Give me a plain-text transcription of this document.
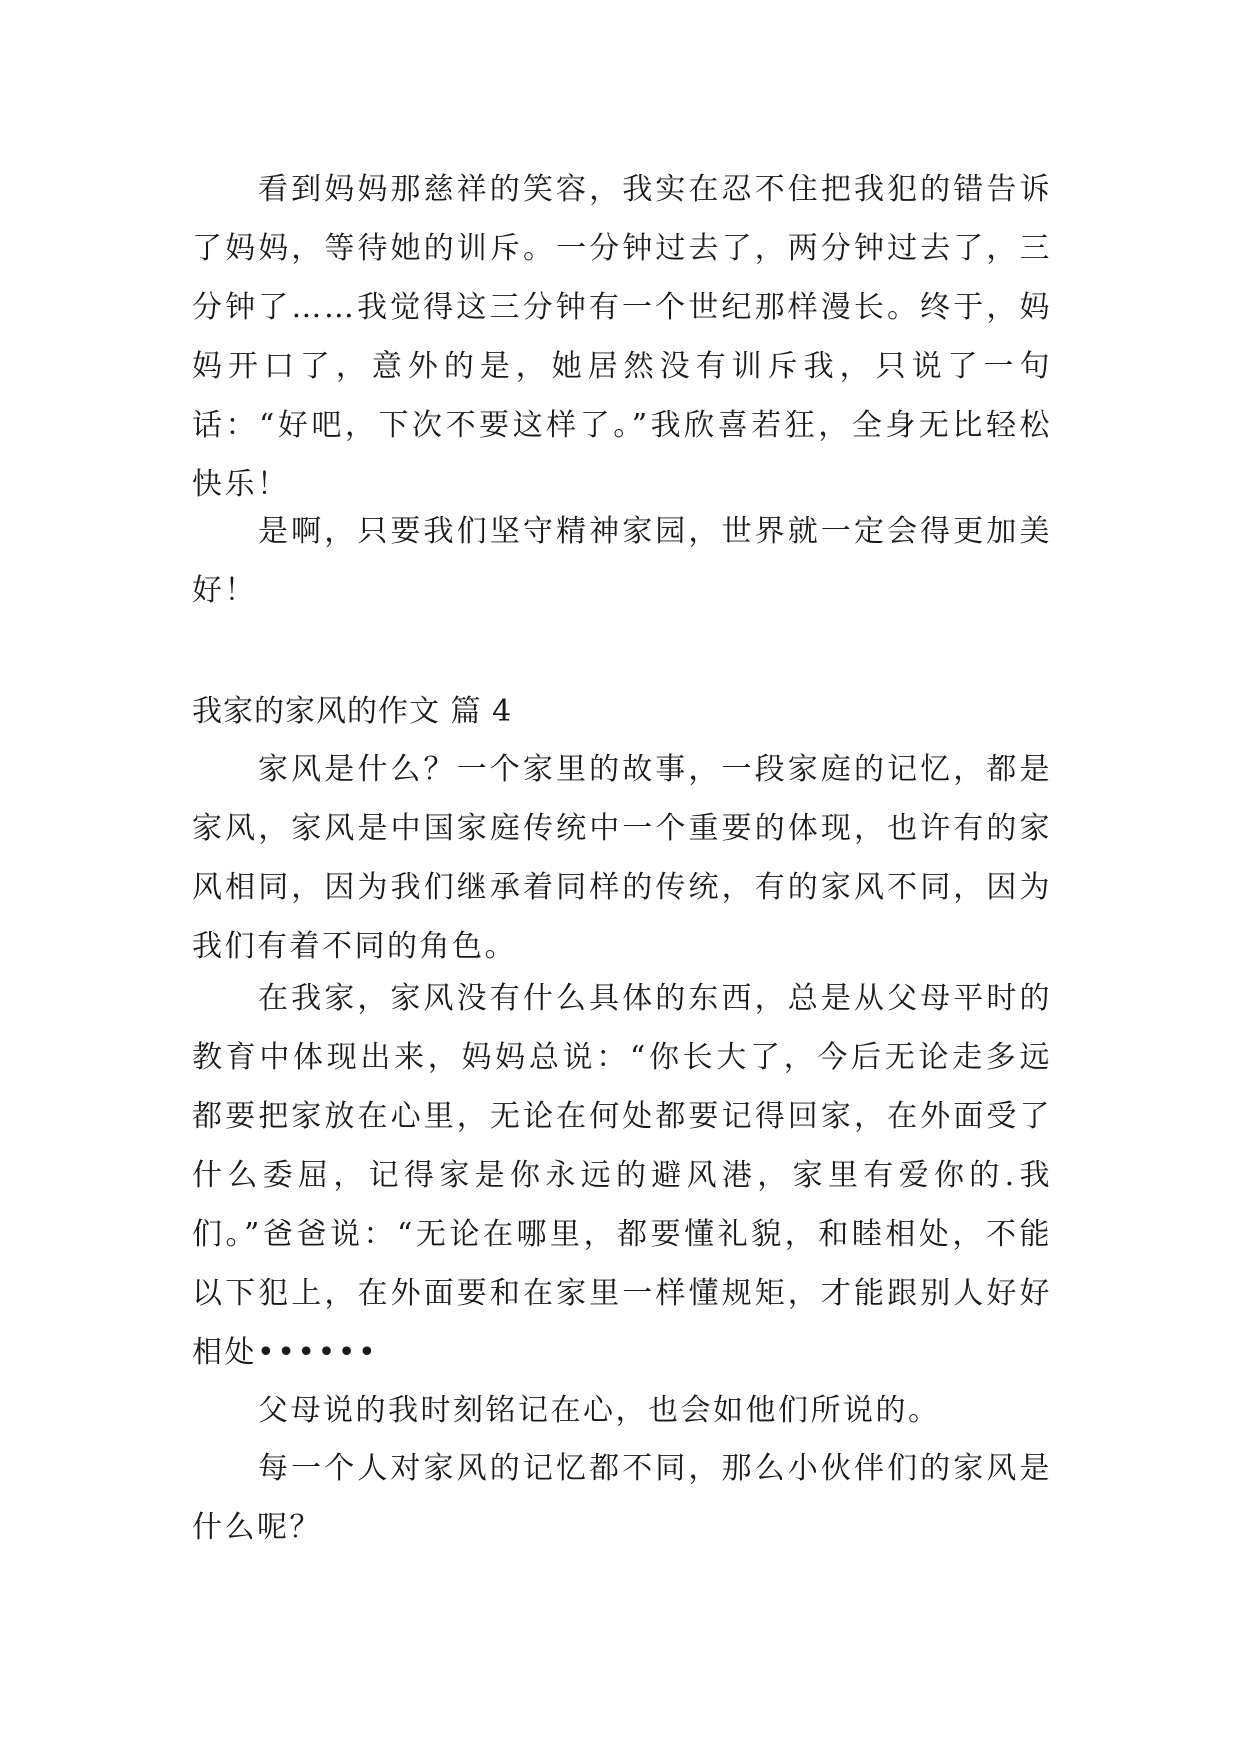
看到妈妈那慈祥的笑容，我实在忍不住把我犯的错告诉了妈妈，等待她的训斥。一分钟过去了，两分钟过去了，三分钟了……我觉得这三分钟有一个世纪那样漫长。终于，妈妈开口了，意外的是，她居然没有训斥我，只说了一句话：“好吧，下次不要这样了。”我欣喜若狂，全身无比轻松快乐！

是啊，只要我们坚守精神家园，世界就一定会得更加美好！

我家的家风的作文 篇 4

家风是什么？一个家里的故事，一段家庭的记忆，都是家风，家风是中国家庭传统中一个重要的体现，也许有的家风相同，因为我们继承着同样的传统，有的家风不同，因为我们有着不同的角色。

在我家，家风没有什么具体的东西，总是从父母平时的教育中体现出来，妈妈总说：“你长大了，今后无论走多远都要把家放在心里，无论在何处都要记得回家，在外面受了什么委屈，记得家是你永远的避风港，家里有爱你的.我们。”爸爸说：“无论在哪里，都要懂礼貌，和睦相处，不能以下犯上，在外面要和在家里一样懂规矩，才能跟别人好好相处••••••

父母说的我时刻铭记在心，也会如他们所说的。

每一个人对家风的记忆都不同，那么小伙伴们的家风是什么呢？
